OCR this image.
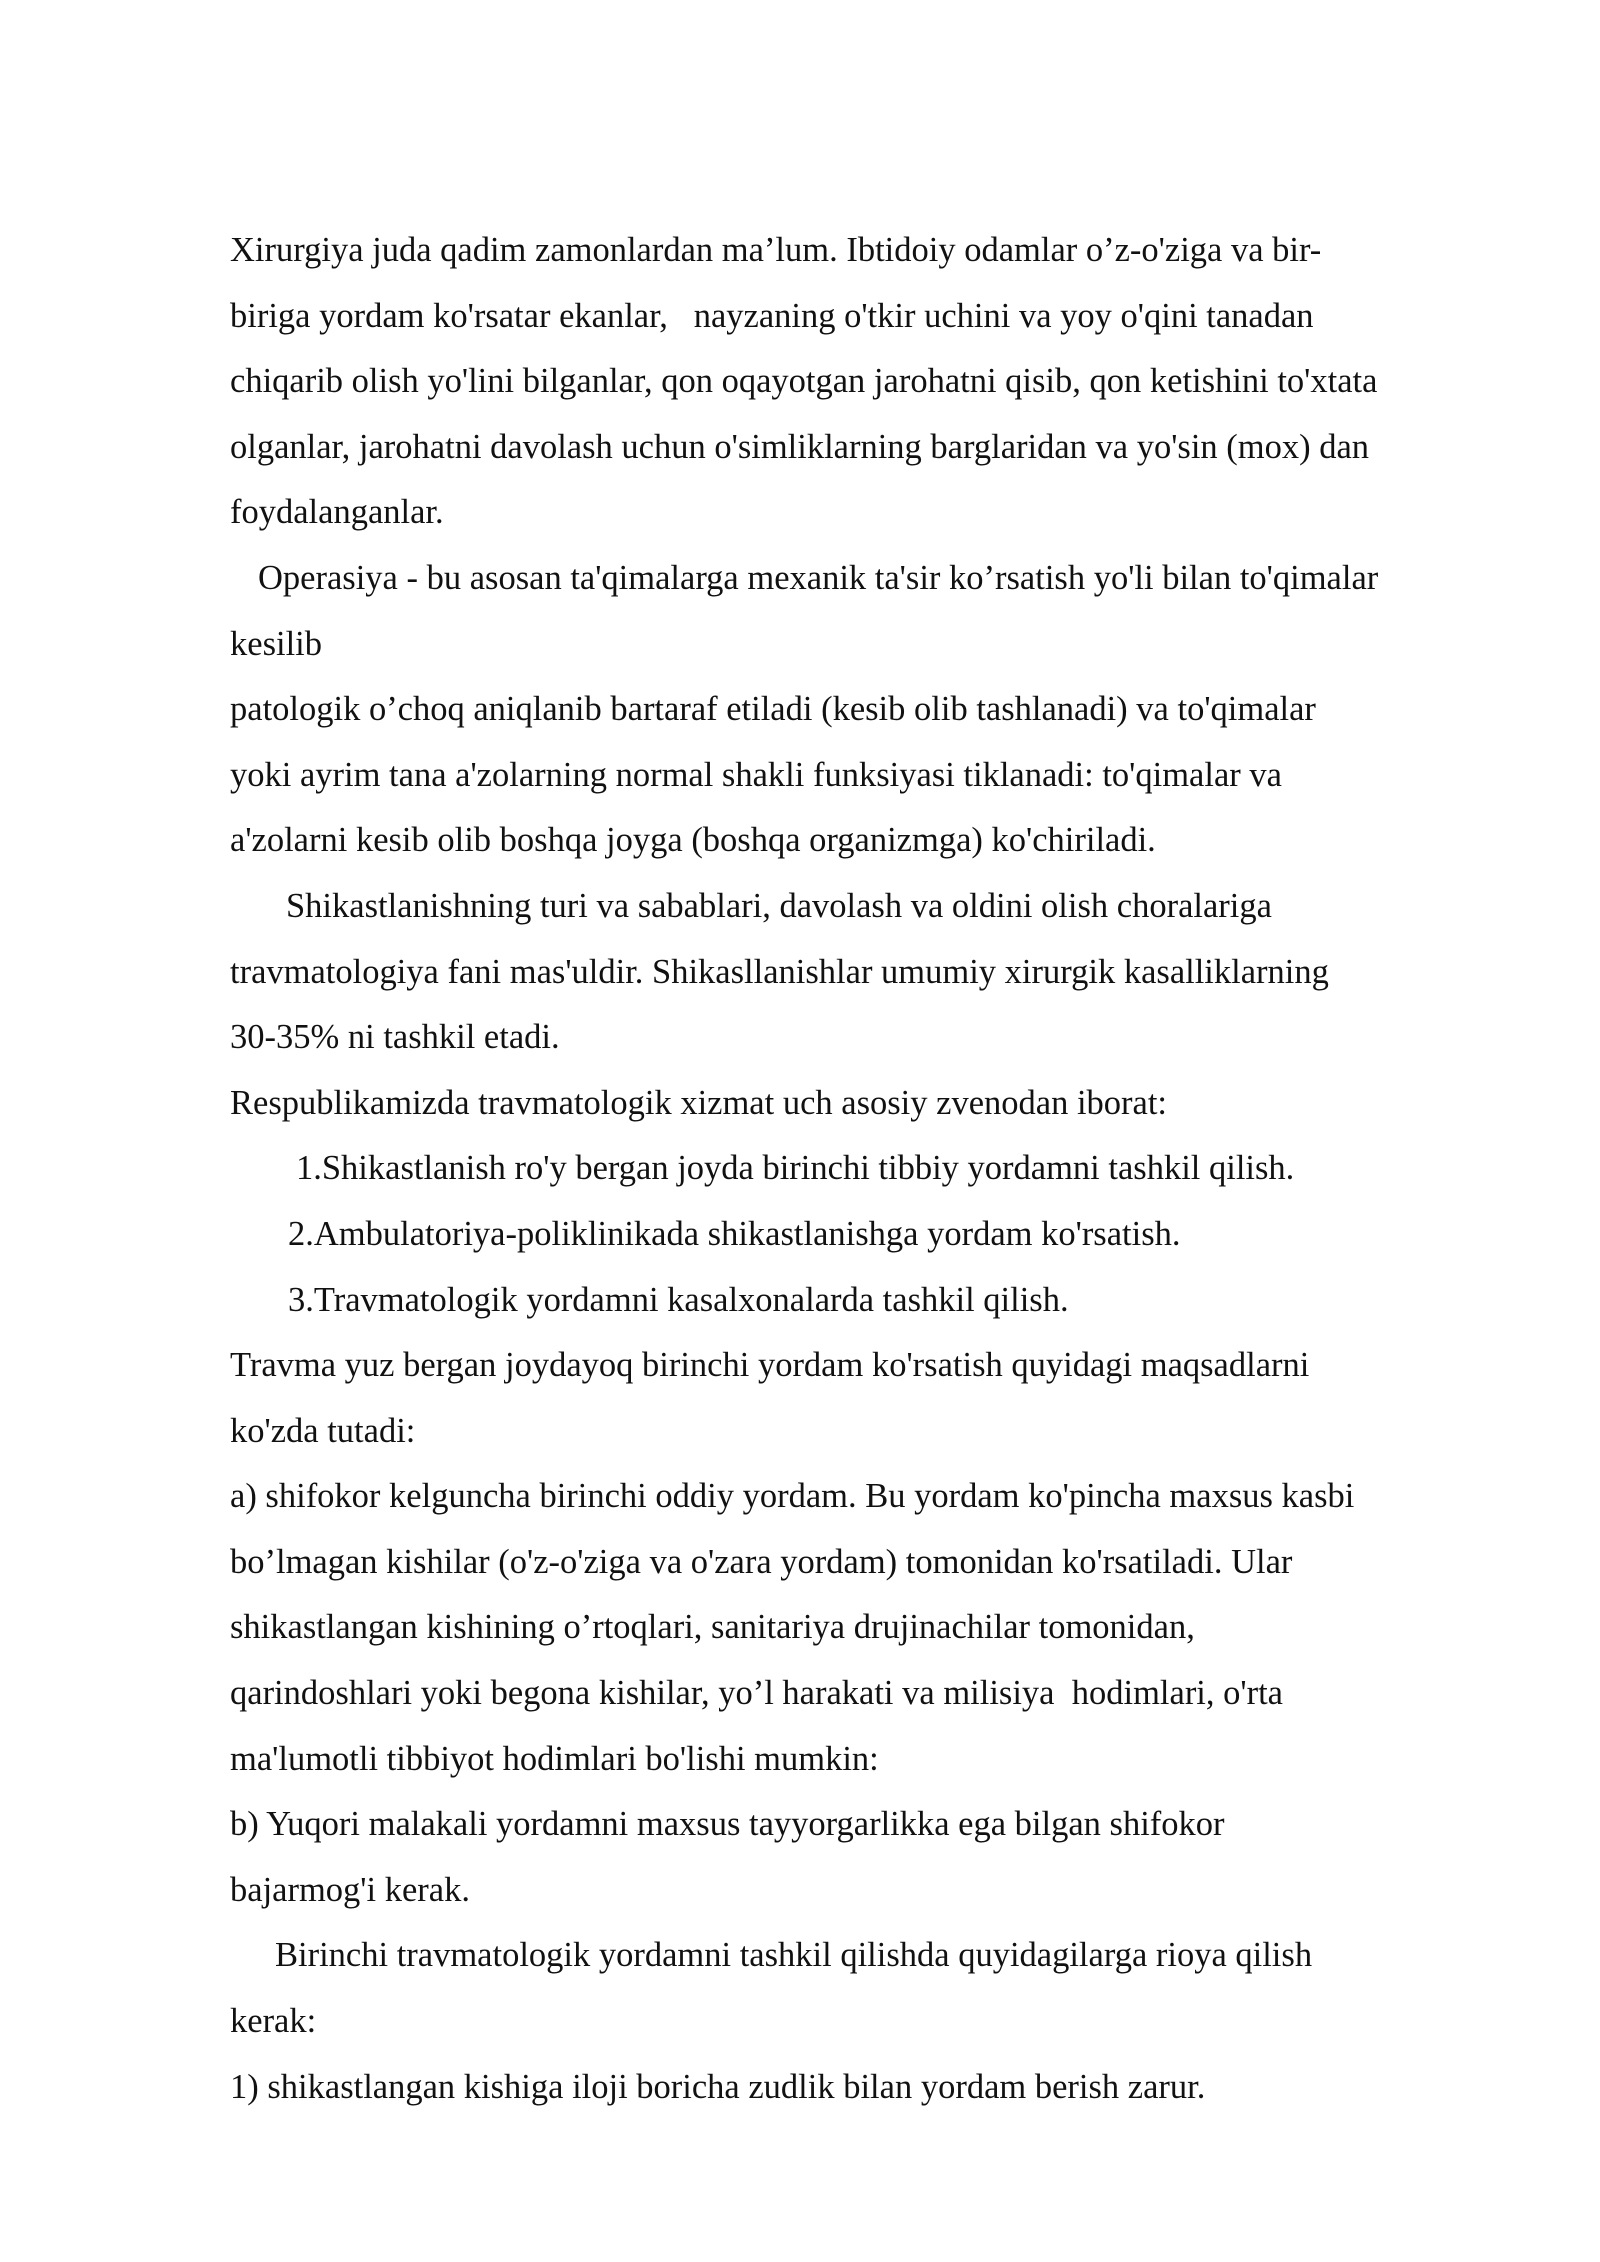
Xirurgiya juda qadim zamonlardan ma’lum. Ibtidoiy odamlar o’z-o'ziga va bir-
biriga yordam ko'rsatar ekanlar,   nayzaning o'tkir uchini va yoy o'qini tanadan
chiqarib olish yo'lini bilganlar, qon oqayotgan jarohatni qisib, qon ketishini to'xtata
olganlar, jarohatni davolash uchun o'simliklarning barglaridan va yo'sin (mox) dan
foydalanganlar.
Operasiya - bu asosan ta'qimalarga mexanik ta'sir ko’rsatish yo'li bilan to'qimalar
kesilib
patologik o’choq aniqlanib bartaraf etiladi (kesib olib tashlanadi) va to'qimalar
yoki ayrim tana a'zolarning normal shakli funksiyasi tiklanadi: to'qimalar va
a'zolarni kesib olib boshqa joyga (boshqa organizmga) ko'chiriladi.
Shikastlanishning turi va sabablari, davolash va oldini olish choralariga
travmatologiya fani mas'uldir. Shikasllanishlar umumiy xirurgik kasalliklarning
30-35% ni tashkil etadi.
Respublikamizda travmatologik xizmat uch asosiy zvenodan iborat:
1.Shikastlanish ro'y bergan joyda birinchi tibbiy yordamni tashkil qilish.
2.Ambulatoriya-poliklinikada shikastlanishga yordam ko'rsatish.
3.Travmatologik yordamni kasalxonalarda tashkil qilish.
Travma yuz bergan joydayoq birinchi yordam ko'rsatish quyidagi maqsadlarni
ko'zda tutadi:
a) shifokor kelguncha birinchi oddiy yordam. Bu yordam ko'pincha maxsus kasbi
bo’lmagan kishilar (o'z-o'ziga va o'zara yordam) tomonidan ko'rsatiladi. Ular
shikastlangan kishining o’rtoqlari, sanitariya drujinachilar tomonidan,
qarindoshlari yoki begona kishilar, yo’l harakati va milisiya  hodimlari, o'rta
ma'lumotli tibbiyot hodimlari bo'lishi mumkin:
b) Yuqori malakali yordamni maxsus tayyorgarlikka ega bilgan shifokor
bajarmog'i kerak.
Birinchi travmatologik yordamni tashkil qilishda quyidagilarga rioya qilish
kerak:
1) shikastlangan kishiga iloji boricha zudlik bilan yordam berish zarur.
